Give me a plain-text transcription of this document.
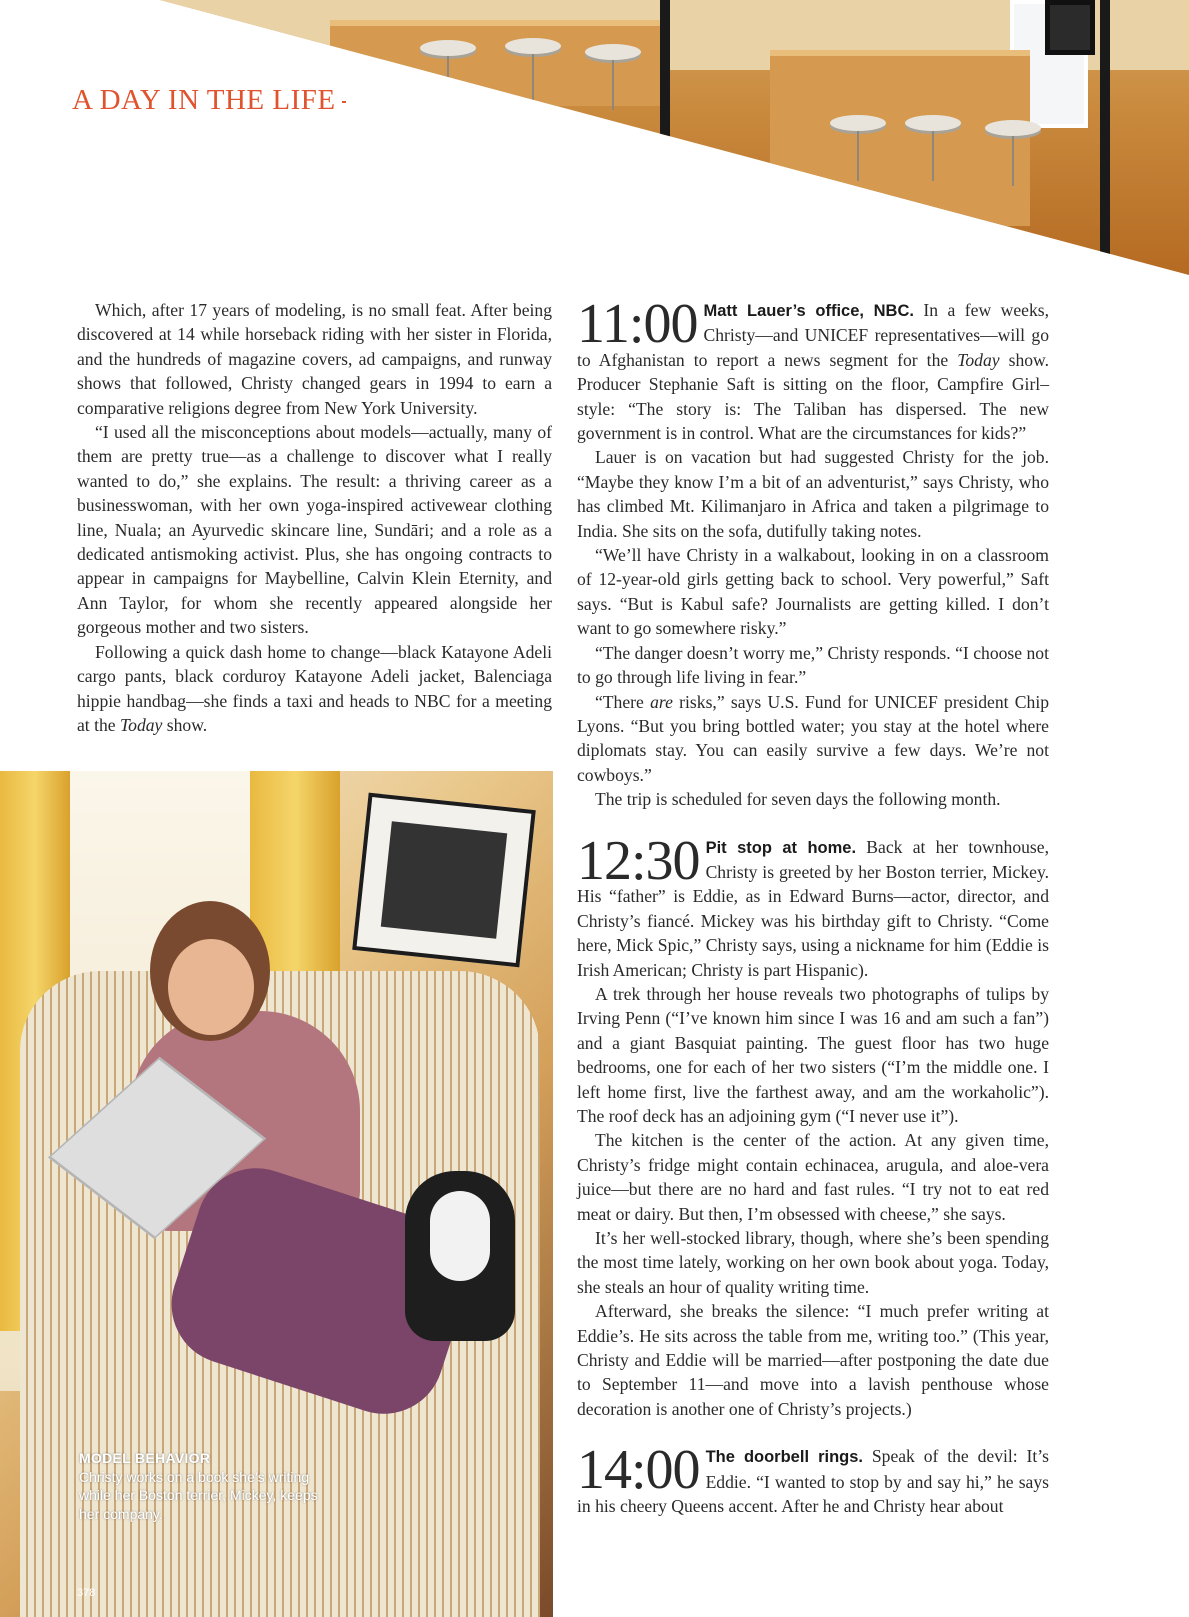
A DAY IN THE LIFE

Which, after 17 years of modeling, is no small feat. After being discovered at 14 while horseback riding with her sister in Florida, and the hundreds of magazine covers, ad campaigns, and runway shows that followed, Christy changed gears in 1994 to earn a comparative religions degree from New York University.

“I used all the misconceptions about models—actually, many of them are pretty true—as a challenge to discover what I really wanted to do,” she explains. The result: a thriving career as a businesswoman, with her own yoga-inspired activewear clothing line, Nuala; an Ayurvedic skincare line, Sundāri; and a role as a dedicated antismoking activist. Plus, she has ongoing contracts to appear in campaigns for Maybelline, Calvin Klein Eternity, and Ann Taylor, for whom she recently appeared alongside her gorgeous mother and two sisters.

Following a quick dash home to change—black Katayone Adeli cargo pants, black corduroy Katayone Adeli jacket, Balenciaga hippie handbag—she finds a taxi and heads to NBC for a meeting at the Today show.

11:00 Matt Lauer’s office, NBC. In a few weeks, Christy—and UNICEF representatives—will go to Afghanistan to report a news segment for the Today show. Producer Stephanie Saft is sitting on the floor, Campfire Girl–style: “The story is: The Taliban has dispersed. The new government is in control. What are the circumstances for kids?”

Lauer is on vacation but had suggested Christy for the job. “Maybe they know I’m a bit of an adventurist,” says Christy, who has climbed Mt. Kilimanjaro in Africa and taken a pilgrimage to India. She sits on the sofa, dutifully taking notes.

“We’ll have Christy in a walkabout, looking in on a classroom of 12-year-old girls getting back to school. Very powerful,” Saft says. “But is Kabul safe? Journalists are getting killed. I don’t want to go somewhere risky.”

“The danger doesn’t worry me,” Christy responds. “I choose not to go through life living in fear.”

“There are risks,” says U.S. Fund for UNICEF president Chip Lyons. “But you bring bottled water; you stay at the hotel where diplomats stay. You can easily survive a few days. We’re not cowboys.”

The trip is scheduled for seven days the following month.

12:30 Pit stop at home. Back at her townhouse, Christy is greeted by her Boston terrier, Mickey. His “father” is Eddie, as in Edward Burns—actor, director, and Christy’s fiancé. Mickey was his birthday gift to Christy. “Come here, Mick Spic,” Christy says, using a nickname for him (Eddie is Irish American; Christy is part Hispanic).

A trek through her house reveals two photographs of tulips by Irving Penn (“I’ve known him since I was 16 and am such a fan”) and a giant Basquiat painting. The guest floor has two huge bedrooms, one for each of her two sisters (“I’m the middle one. I left home first, live the farthest away, and am the workaholic”). The roof deck has an adjoining gym (“I never use it”).

The kitchen is the center of the action. At any given time, Christy’s fridge might contain echinacea, arugula, and aloe-vera juice—but there are no hard and fast rules. “I try not to eat red meat or dairy. But then, I’m obsessed with cheese,” she says.

It’s her well-stocked library, though, where she’s been spending the most time lately, working on her own book about yoga. Today, she steals an hour of quality writing time.

Afterward, she breaks the silence: “I much prefer writing at Eddie’s. He sits across the table from me, writing too.” (This year, Christy and Eddie will be married—after postponing the date due to September 11—and move into a lavish penthouse whose decoration is another one of Christy’s projects.)

14:00 The doorbell rings. Speak of the devil: It’s Eddie. “I wanted to stop by and say hi,” he says in his cheery Queens accent. After he and Christy hear about

MODEL BEHAVIOR
Christy works on a book she’s writing while her Boston terrier, Mickey, keeps her company.
378
